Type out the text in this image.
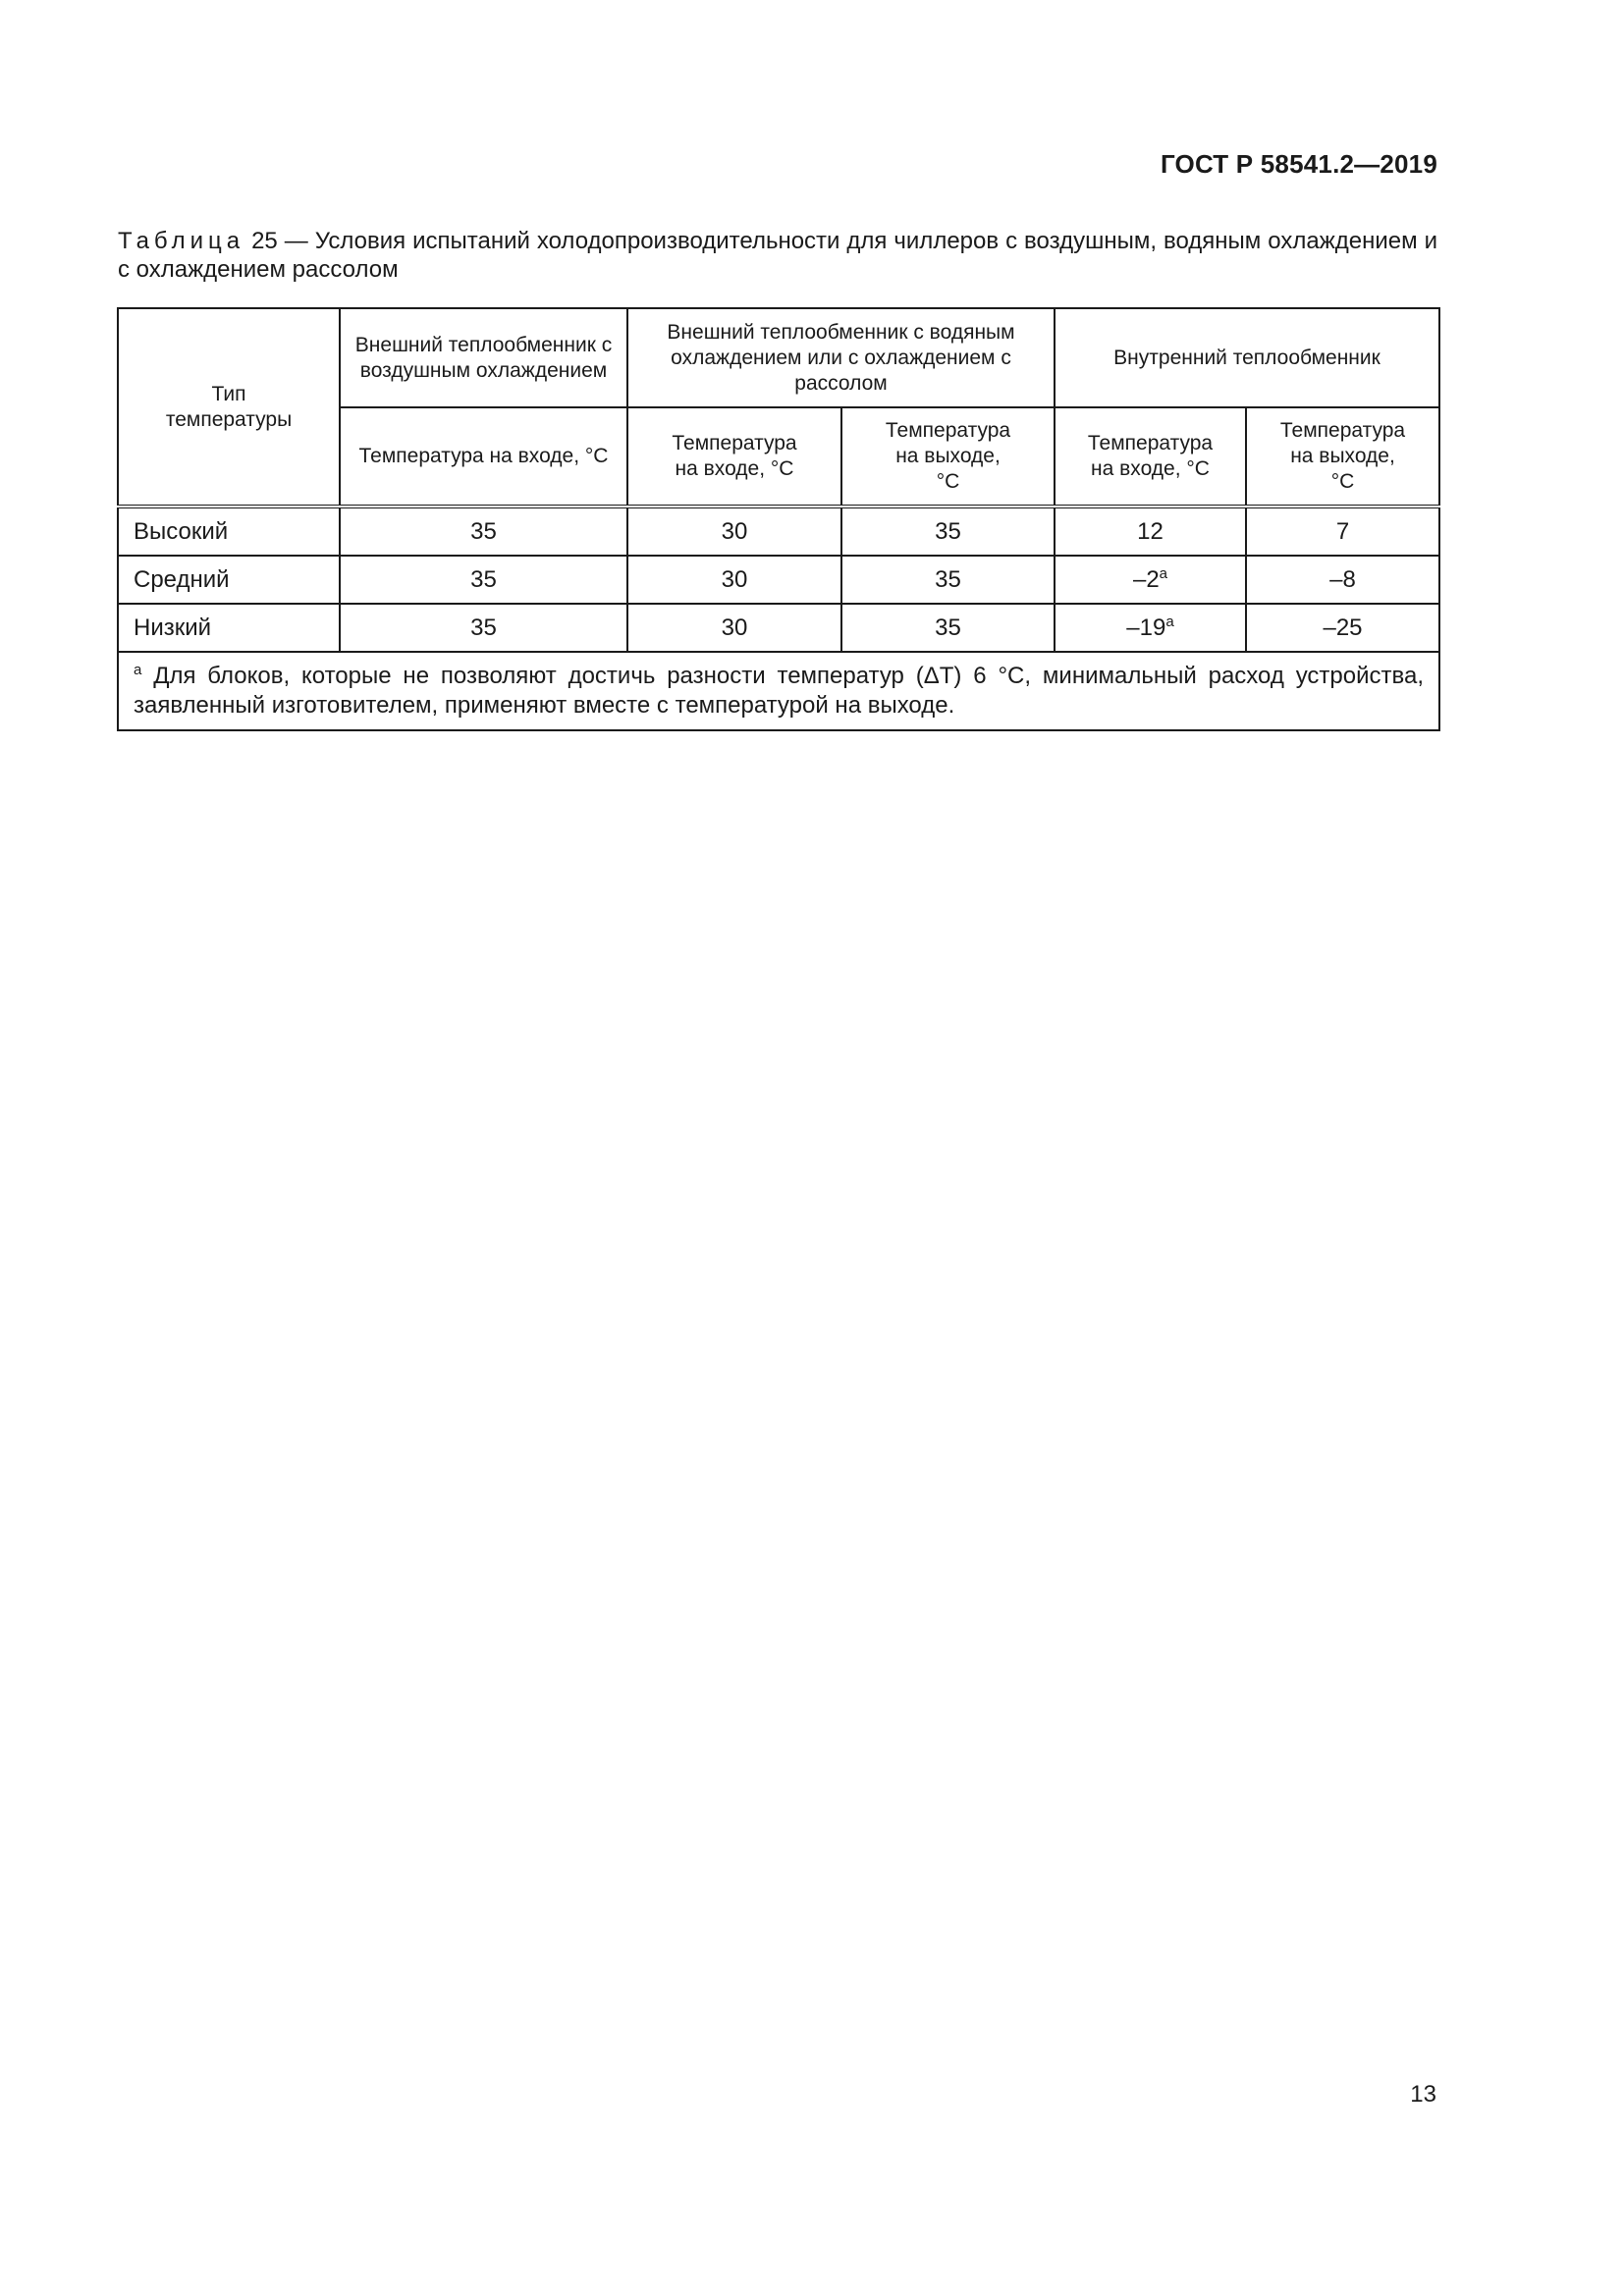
ГОСТ Р 58541.2—2019
Таблица 25 — Условия испытаний холодопроизводительности для чиллеров с воздушным, водяным охлаждением и с охлаждением рассолом
Тип температуры	Внешний теплообменник с воздушным охлаждением	Внешний теплообменник с водяным охлаждением или с охлаждением с рассолом		Внутренний теплообменник	
	Температура на входе, °С	Температура на входе, °С	Температура на выходе, °С	Температура на входе, °С	Температура на выходе, °С
Высокий	35	30	35	12	7
Средний	35	30	35	–2$^a$	–8
Низкий	35	30	35	–19$^a$	–25
$^a$ Для блоков, которые не позволяют достичь разности температур (ΔT) 6 °С, минимальный расход устройства, заявленный изготовителем, применяют вместе с температурой на выходе.					
13
